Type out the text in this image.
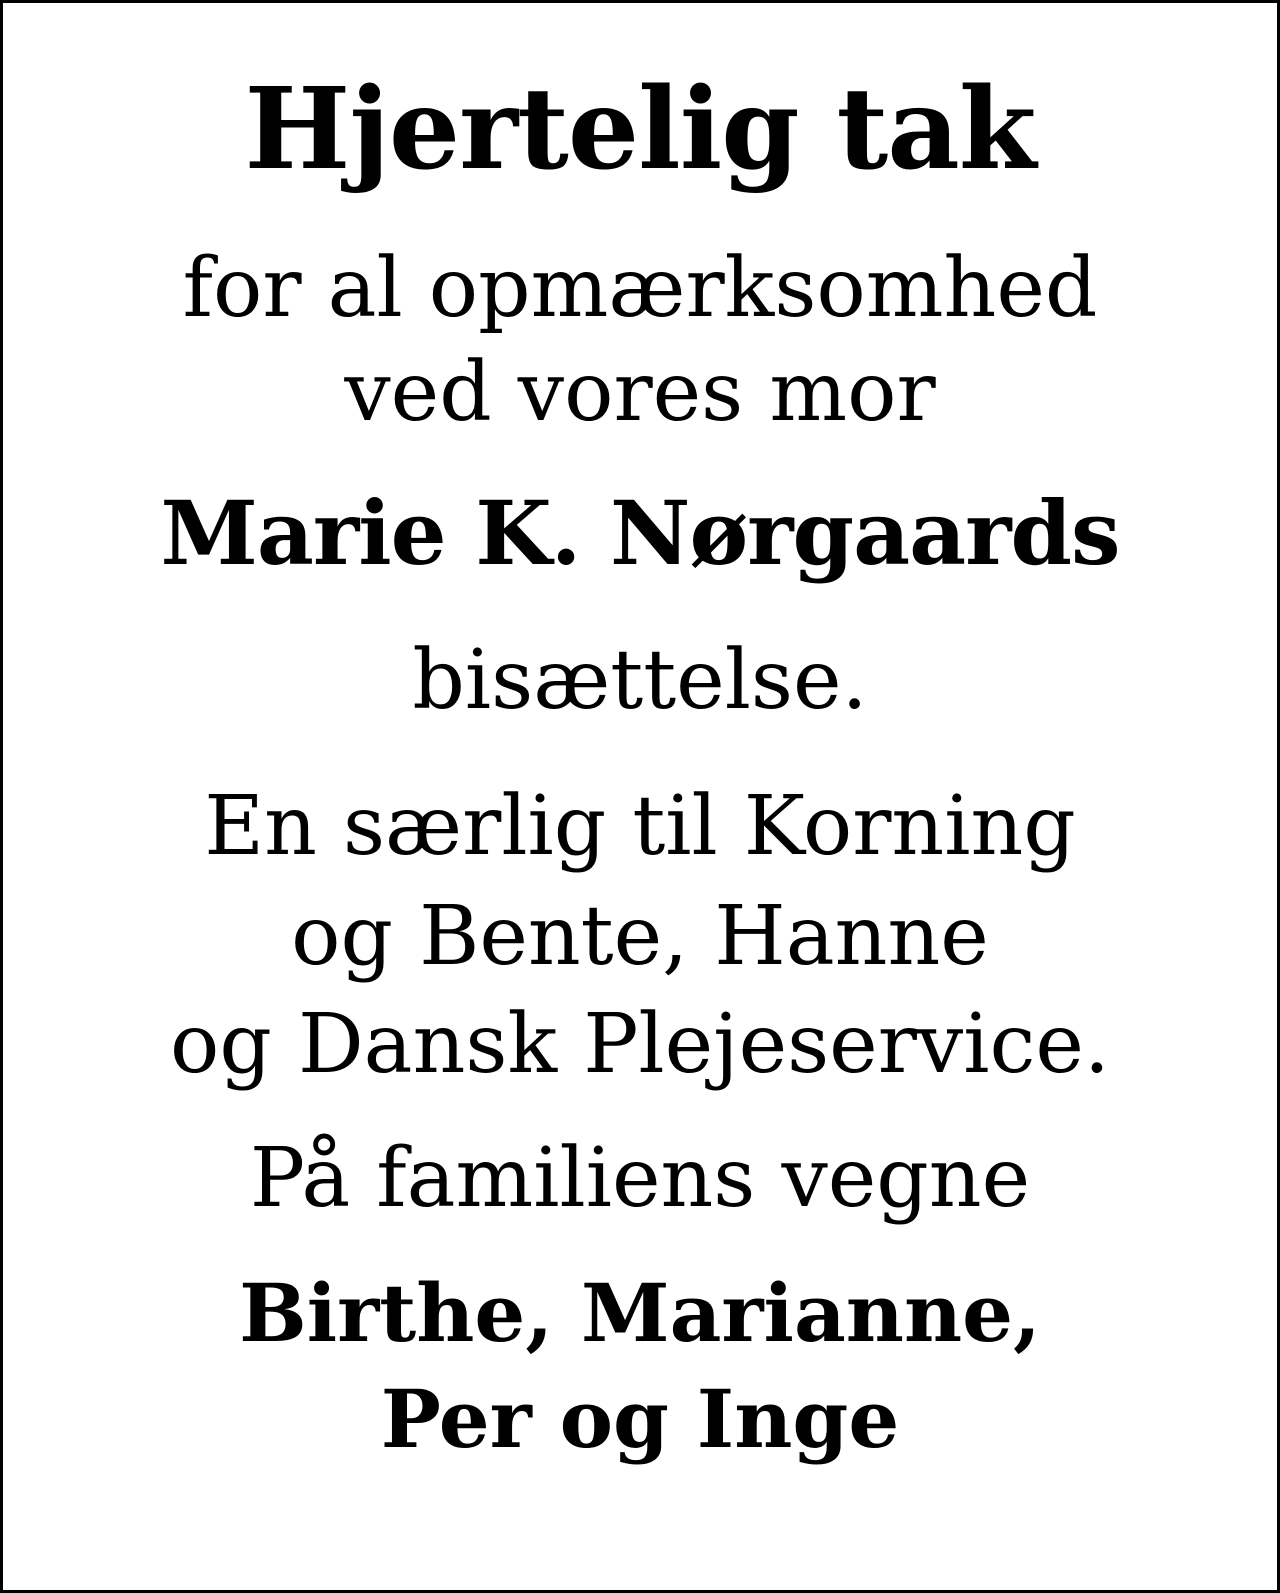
Hjertelig tak

for al opmærksomhed

ved vores mor

Marie K. Nørgaards

bisættelse.

En særlig til Korning

og Bente, Hanne

og Dansk Plejeservice.

På familiens vegne

Birthe, Marianne,

Per og Inge
